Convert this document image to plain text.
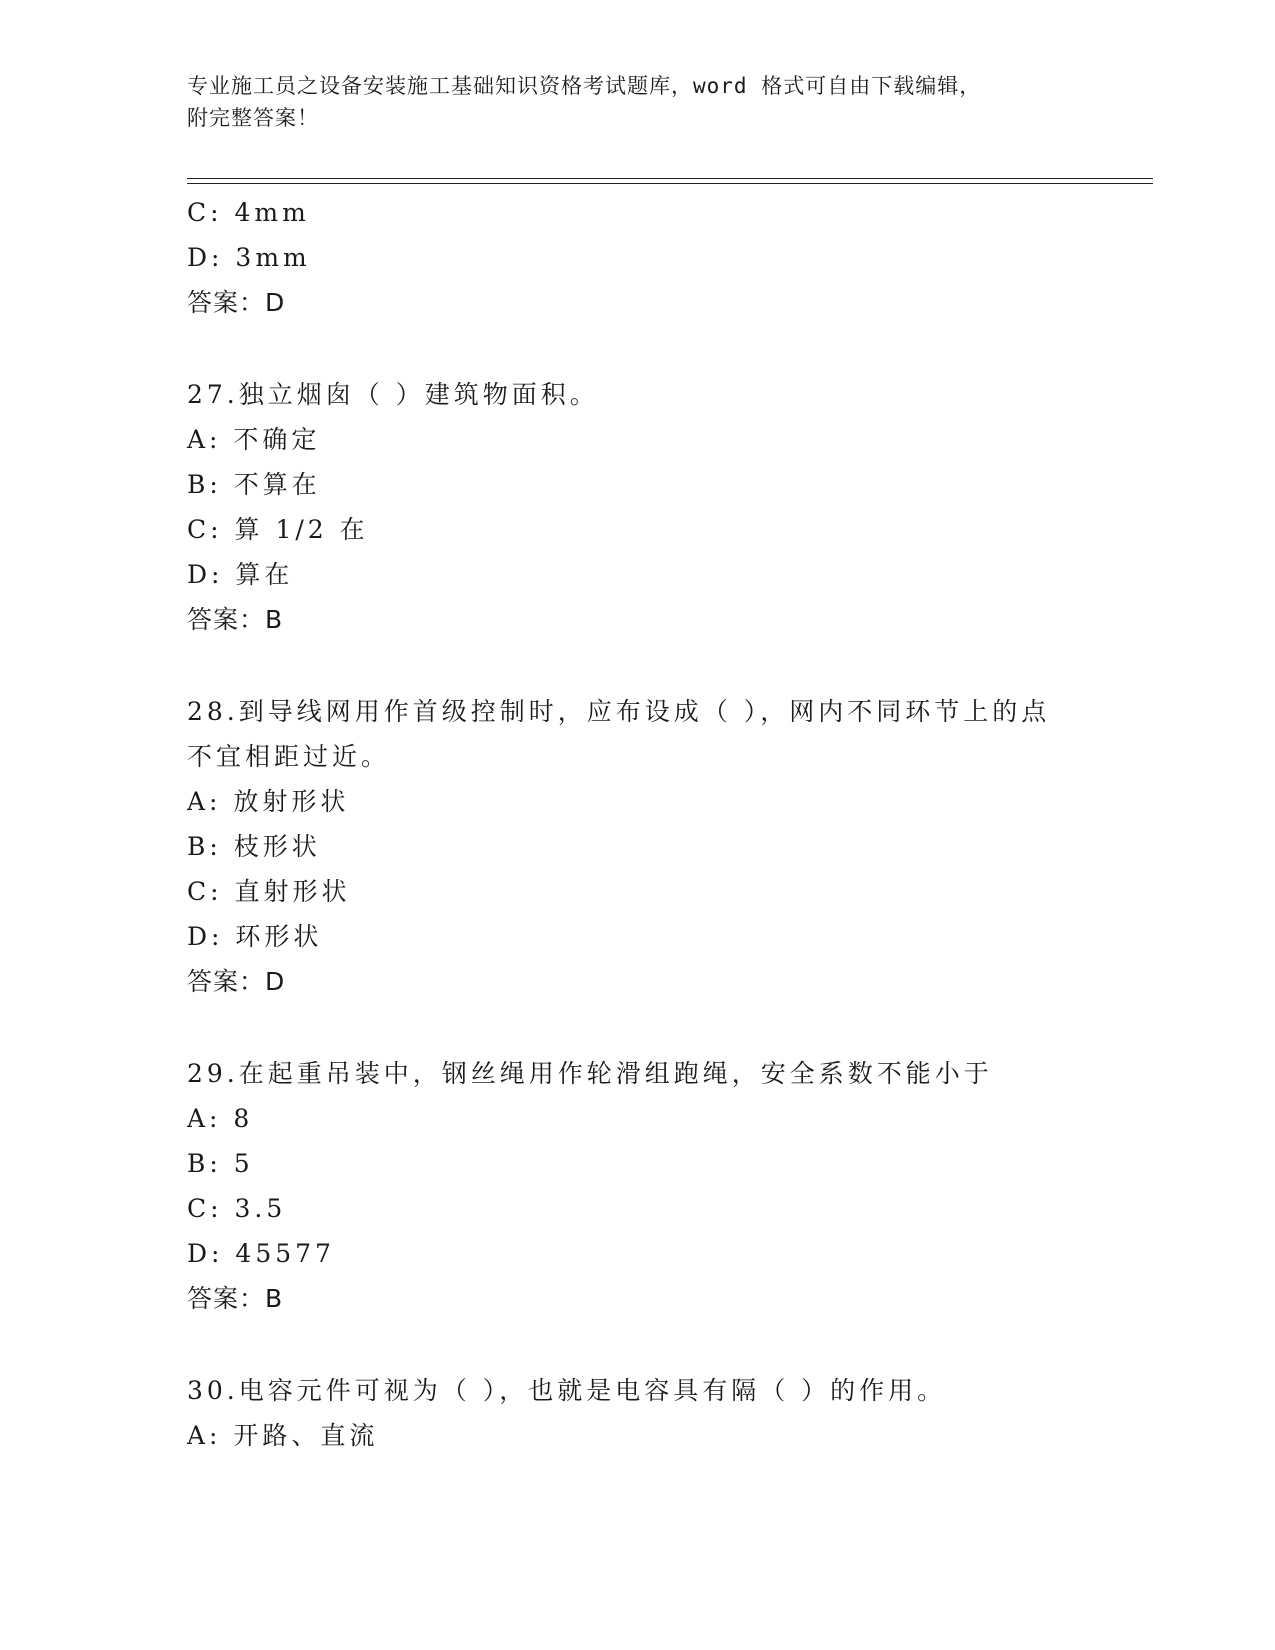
专业施工员之设备安装施工基础知识资格考试题库，word 格式可自由下载编辑，
附完整答案！
C: 4mm
D: 3mm
答案：D
27.独立烟囱（ ）建筑物面积。
A: 不确定
B: 不算在
C: 算 1/2 在
D: 算在
答案：B
28.到导线网用作首级控制时，应布设成（ ），网内不同环节上的点
不宜相距过近。
A: 放射形状
B: 枝形状
C: 直射形状
D: 环形状
答案：D
29.在起重吊装中，钢丝绳用作轮滑组跑绳，安全系数不能小于
A: 8
B: 5
C: 3.5
D: 45577
答案：B
30.电容元件可视为（ ），也就是电容具有隔（ ）的作用。
A: 开路、直流
